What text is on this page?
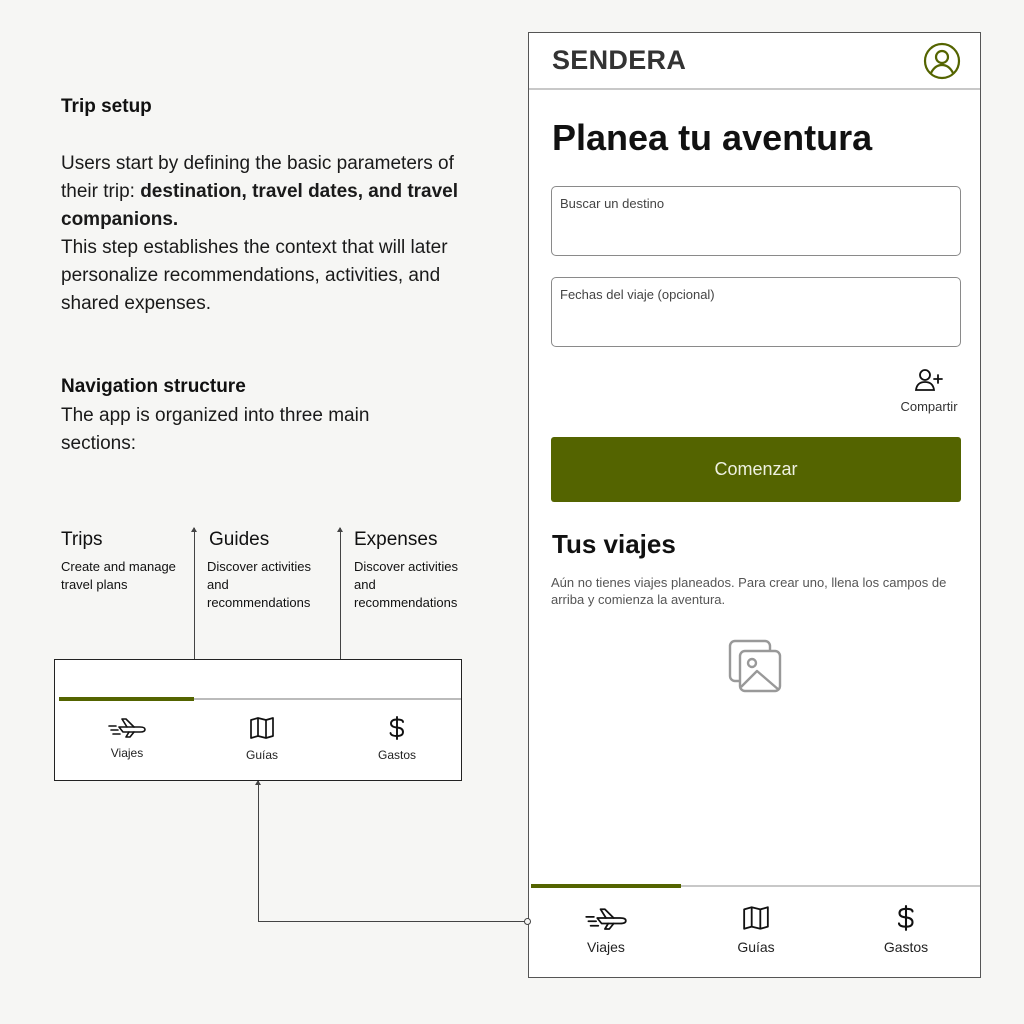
Trip setup
Users start by defining the basic parameters of their trip: destination, travel dates, and travel companions.
This step establishes the context that will later personalize recommendations, activities, and shared expenses.
Navigation structure
The app is organized into three main sections:
Trips
Create and manage travel plans
Guides
Discover activities and recommendations
Expenses
Discover activities and recommendations
Viajes	Guías	Gastos
SENDERA
Planea tu aventura
Buscar un destino
Fechas del viaje (opcional)
Compartir
Comenzar
Tus viajes
Aún no tienes viajes planeados. Para crear uno, llena los campos de arriba y comienza la aventura.
Viajes	Guías	Gastos
